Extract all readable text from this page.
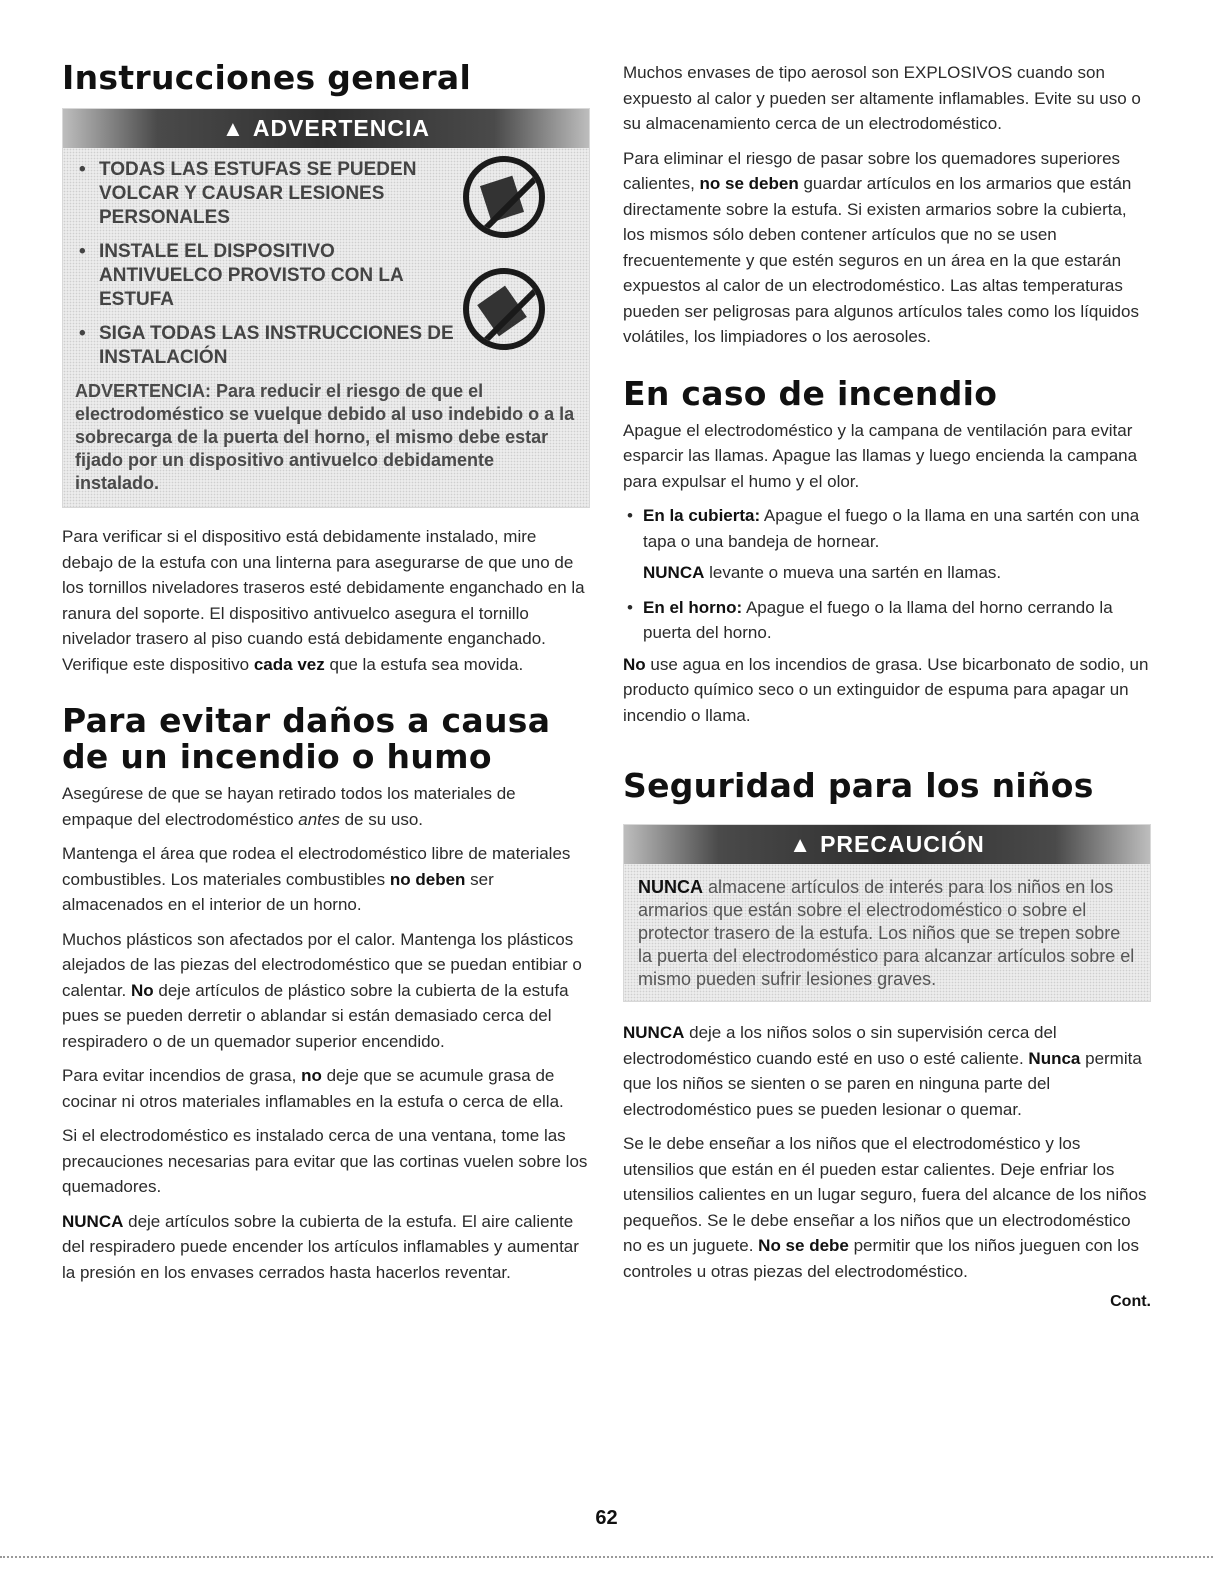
Instrucciones general
▲ ADVERTENCIA
• TODAS LAS ESTUFAS SE PUEDEN VOLCAR Y CAUSAR LESIONES PERSONALES
• INSTALE EL DISPOSITIVO ANTIVUELCO PROVISTO CON LA ESTUFA
• SIGA TODAS LAS INSTRUCCIONES DE INSTALACIÓN

ADVERTENCIA: Para reducir el riesgo de que el electrodoméstico se vuelque debido al uso indebido o a la sobrecarga de la puerta del horno, el mismo debe estar fijado por un dispositivo antivuelco debidamente instalado.

Para verificar si el dispositivo está debidamente instalado, mire debajo de la estufa con una linterna para asegurarse de que uno de los tornillos niveladores traseros esté debidamente enganchado en la ranura del soporte. El dispositivo antivuelco asegura el tornillo nivelador trasero al piso cuando está debidamente enganchado. Verifique este dispositivo cada vez que la estufa sea movida.

Para evitar daños a causa de un incendio o humo

Asegúrese de que se hayan retirado todos los materiales de empaque del electrodoméstico antes de su uso.

Mantenga el área que rodea el electrodoméstico libre de materiales combustibles. Los materiales combustibles no deben ser almacenados en el interior de un horno.

Muchos plásticos son afectados por el calor. Mantenga los plásticos alejados de las piezas del electrodoméstico que se puedan entibiar o calentar. No deje artículos de plástico sobre la cubierta de la estufa pues se pueden derretir o ablandar si están demasiado cerca del respiradero o de un quemador superior encendido.

Para evitar incendios de grasa, no deje que se acumule grasa de cocinar ni otros materiales inflamables en la estufa o cerca de ella.

Si el electrodoméstico es instalado cerca de una ventana, tome las precauciones necesarias para evitar que las cortinas vuelen sobre los quemadores.

NUNCA deje artículos sobre la cubierta de la estufa. El aire caliente del respiradero puede encender los artículos inflamables y aumentar la presión en los envases cerrados hasta hacerlos reventar.

Muchos envases de tipo aerosol son EXPLOSIVOS cuando son expuesto al calor y pueden ser altamente inflamables. Evite su uso o su almacenamiento cerca de un electrodoméstico.

Para eliminar el riesgo de pasar sobre los quemadores superiores calientes, no se deben guardar artículos en los armarios que están directamente sobre la estufa. Si existen armarios sobre la cubierta, los mismos sólo deben contener artículos que no se usen frecuentemente y que estén seguros en un área en la que estarán expuestos al calor de un electrodoméstico. Las altas temperaturas pueden ser peligrosas para algunos artículos tales como los líquidos volátiles, los limpiadores o los aerosoles.

En caso de incendio

Apague el electrodoméstico y la campana de ventilación para evitar esparcir las llamas. Apague las llamas y luego encienda la campana para expulsar el humo y el olor.

• En la cubierta: Apague el fuego o la llama en una sartén con una tapa o una bandeja de hornear.

NUNCA levante o mueva una sartén en llamas.

• En el horno: Apague el fuego o la llama del horno cerrando la puerta del horno.

No use agua en los incendios de grasa. Use bicarbonato de sodio, un producto químico seco o un extinguidor de espuma para apagar un incendio o llama.

Seguridad para los niños
▲ PRECAUCIÓN

NUNCA almacene artículos de interés para los niños en los armarios que están sobre el electrodoméstico o sobre el protector trasero de la estufa. Los niños que se trepen sobre la puerta del electrodoméstico para alcanzar artículos sobre el mismo pueden sufrir lesiones graves.

NUNCA deje a los niños solos o sin supervisión cerca del electrodoméstico cuando esté en uso o esté caliente. Nunca permita que los niños se sienten o se paren en ninguna parte del electrodoméstico pues se pueden lesionar o quemar.

Se le debe enseñar a los niños que el electrodoméstico y los utensilios que están en él pueden estar calientes. Deje enfriar los utensilios calientes en un lugar seguro, fuera del alcance de los niños pequeños. Se le debe enseñar a los niños que un electrodoméstico no es un juguete. No se debe permitir que los niños jueguen con los controles u otras piezas del electrodoméstico.

Cont.
62
